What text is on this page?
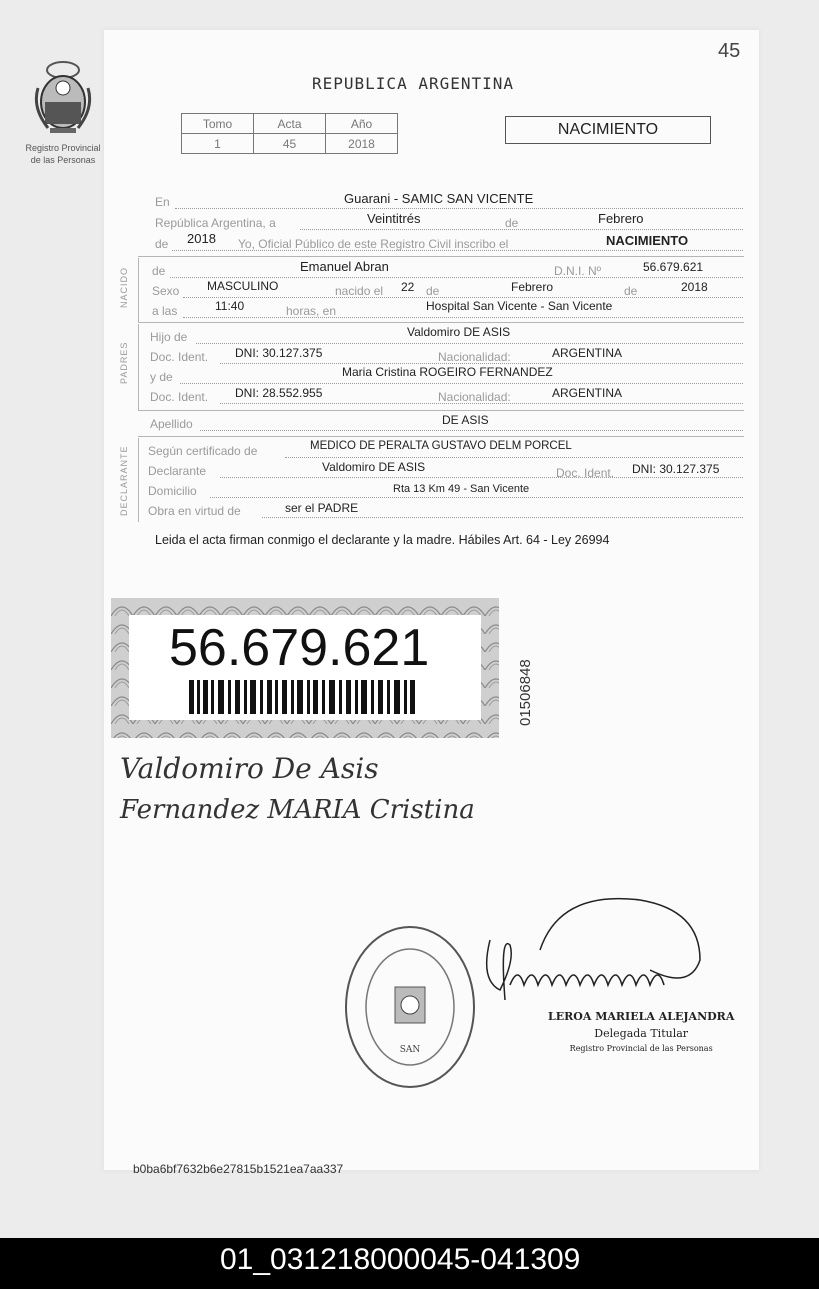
45
Registro Provincial
de las Personas
REPUBLICA ARGENTINA
Tomo	Acta	Año
1	45	2018
NACIMIENTO
En	Guarani - SAMIC SAN VICENTE
República Argentina, a	Veintitrés	de	Febrero
de 2018 Yo, Oficial Público de este Registro Civil inscribo el	NACIMIENTO
NACIDO de	Emanuel Abran	D.N.I. Nº	56.679.621
Sexo MASCULINO	nacido el 22 de	Febrero	de	2018
a las	11:40	horas, en	Hospital San Vicente - San Vicente
PADRES
Hijo de	Valdomiro DE ASIS
Doc. Ident. DNI: 30.127.375	Nacionalidad:	ARGENTINA
y de	Maria Cristina ROGEIRO FERNANDEZ
Doc. Ident. DNI: 28.552.955	Nacionalidad:	ARGENTINA
Apellido	DE ASIS
DECLARANTE Según certificado de	MEDICO DE PERALTA GUSTAVO DELM PORCEL
Declarante	Valdomiro DE ASIS	Doc. Ident. DNI: 30.127.375
Domicilio	Rta 13 Km 49 - San Vicente
Obra en virtud de	ser el PADRE
Leida el acta firman conmigo el declarante y la madre. Hábiles Art. 64 - Ley 26994
56.679.621
01506848
Valdomiro De Asis
Fernandez MARIA Cristina
SAN
LEROA MARIELA ALEJANDRA
Delegada Titular
Registro Provincial de las Personas
b0ba6bf7632b6e27815b1521ea7aa337
01_031218000045-041309
